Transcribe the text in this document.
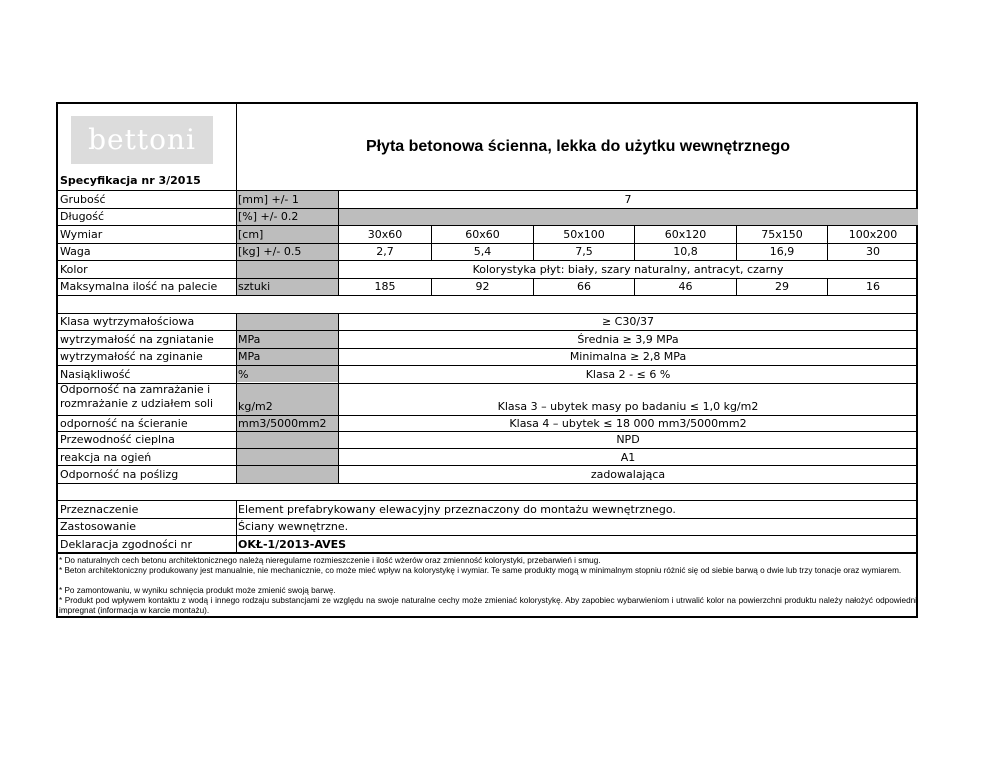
bettoni	Płyta betonowa ścienna, lekka do użytku wewnętrznego
Specyfikacja nr 3/2015
Grubość	[mm] +/- 1	7
Długość	[%] +/- 0.2
Wymiar	[cm]	30x60	60x60	50x100	60x120	75x150	100x200
Waga	[kg] +/- 0.5	2,7	5,4	7,5	10,8	16,9	30
Kolor	Kolorystyka płyt: biały, szary naturalny, antracyt, czarny
Maksymalna ilość na palecie	sztuki	185	92	66	46	29	16
Klasa wytrzymałościowa	≥ C30/37
wytrzymałość na zgniatanie	MPa	Średnia ≥ 3,9 MPa
wytrzymałość na zginanie	MPa	Minimalna ≥ 2,8 MPa
Nasiąkliwość	%	Klasa 2 - ≤ 6 %
Odporność na zamrażanie i
rozmrażanie z udziałem soli	kg/m2	Klasa 3 – ubytek masy po badaniu ≤ 1,0 kg/m2
odporność na ścieranie	mm3/5000mm2	Klasa 4 – ubytek ≤ 18 000 mm3/5000mm2
Przewodność cieplna	NPD
reakcja na ogień	A1
Odporność na poślizg	zadowalająca
Przeznaczenie	Element prefabrykowany elewacyjny przeznaczony do montażu wewnętrznego.
Zastosowanie	Ściany wewnętrzne.
Deklaracja zgodności nr	OKŁ-1/2013-AVES
* Do naturalnych cech betonu architektonicznego należą nieregularne rozmieszczenie i ilość wżerów oraz zmienność kolorystyki, przebarwień i smug.
* Beton architektoniczny produkowany jest manualnie, nie mechanicznie, co może mieć wpływ na kolorystykę i wymiar. Te same produkty mogą w minimalnym stopniu różnić się od siebie barwą o dwie lub trzy tonacje oraz wymiarem.
* Po zamontowaniu, w wyniku schnięcia produkt może zmienić swoją barwę.
* Produkt pod wpływem kontaktu z wodą i innego rodzaju substancjami ze względu na swoje naturalne cechy może zmieniać kolorystykę. Aby zapobiec wybarwieniom i utrwalić kolor na powierzchni produktu należy nałożyć odpowiedni impregnat (informacja w karcie montażu).
